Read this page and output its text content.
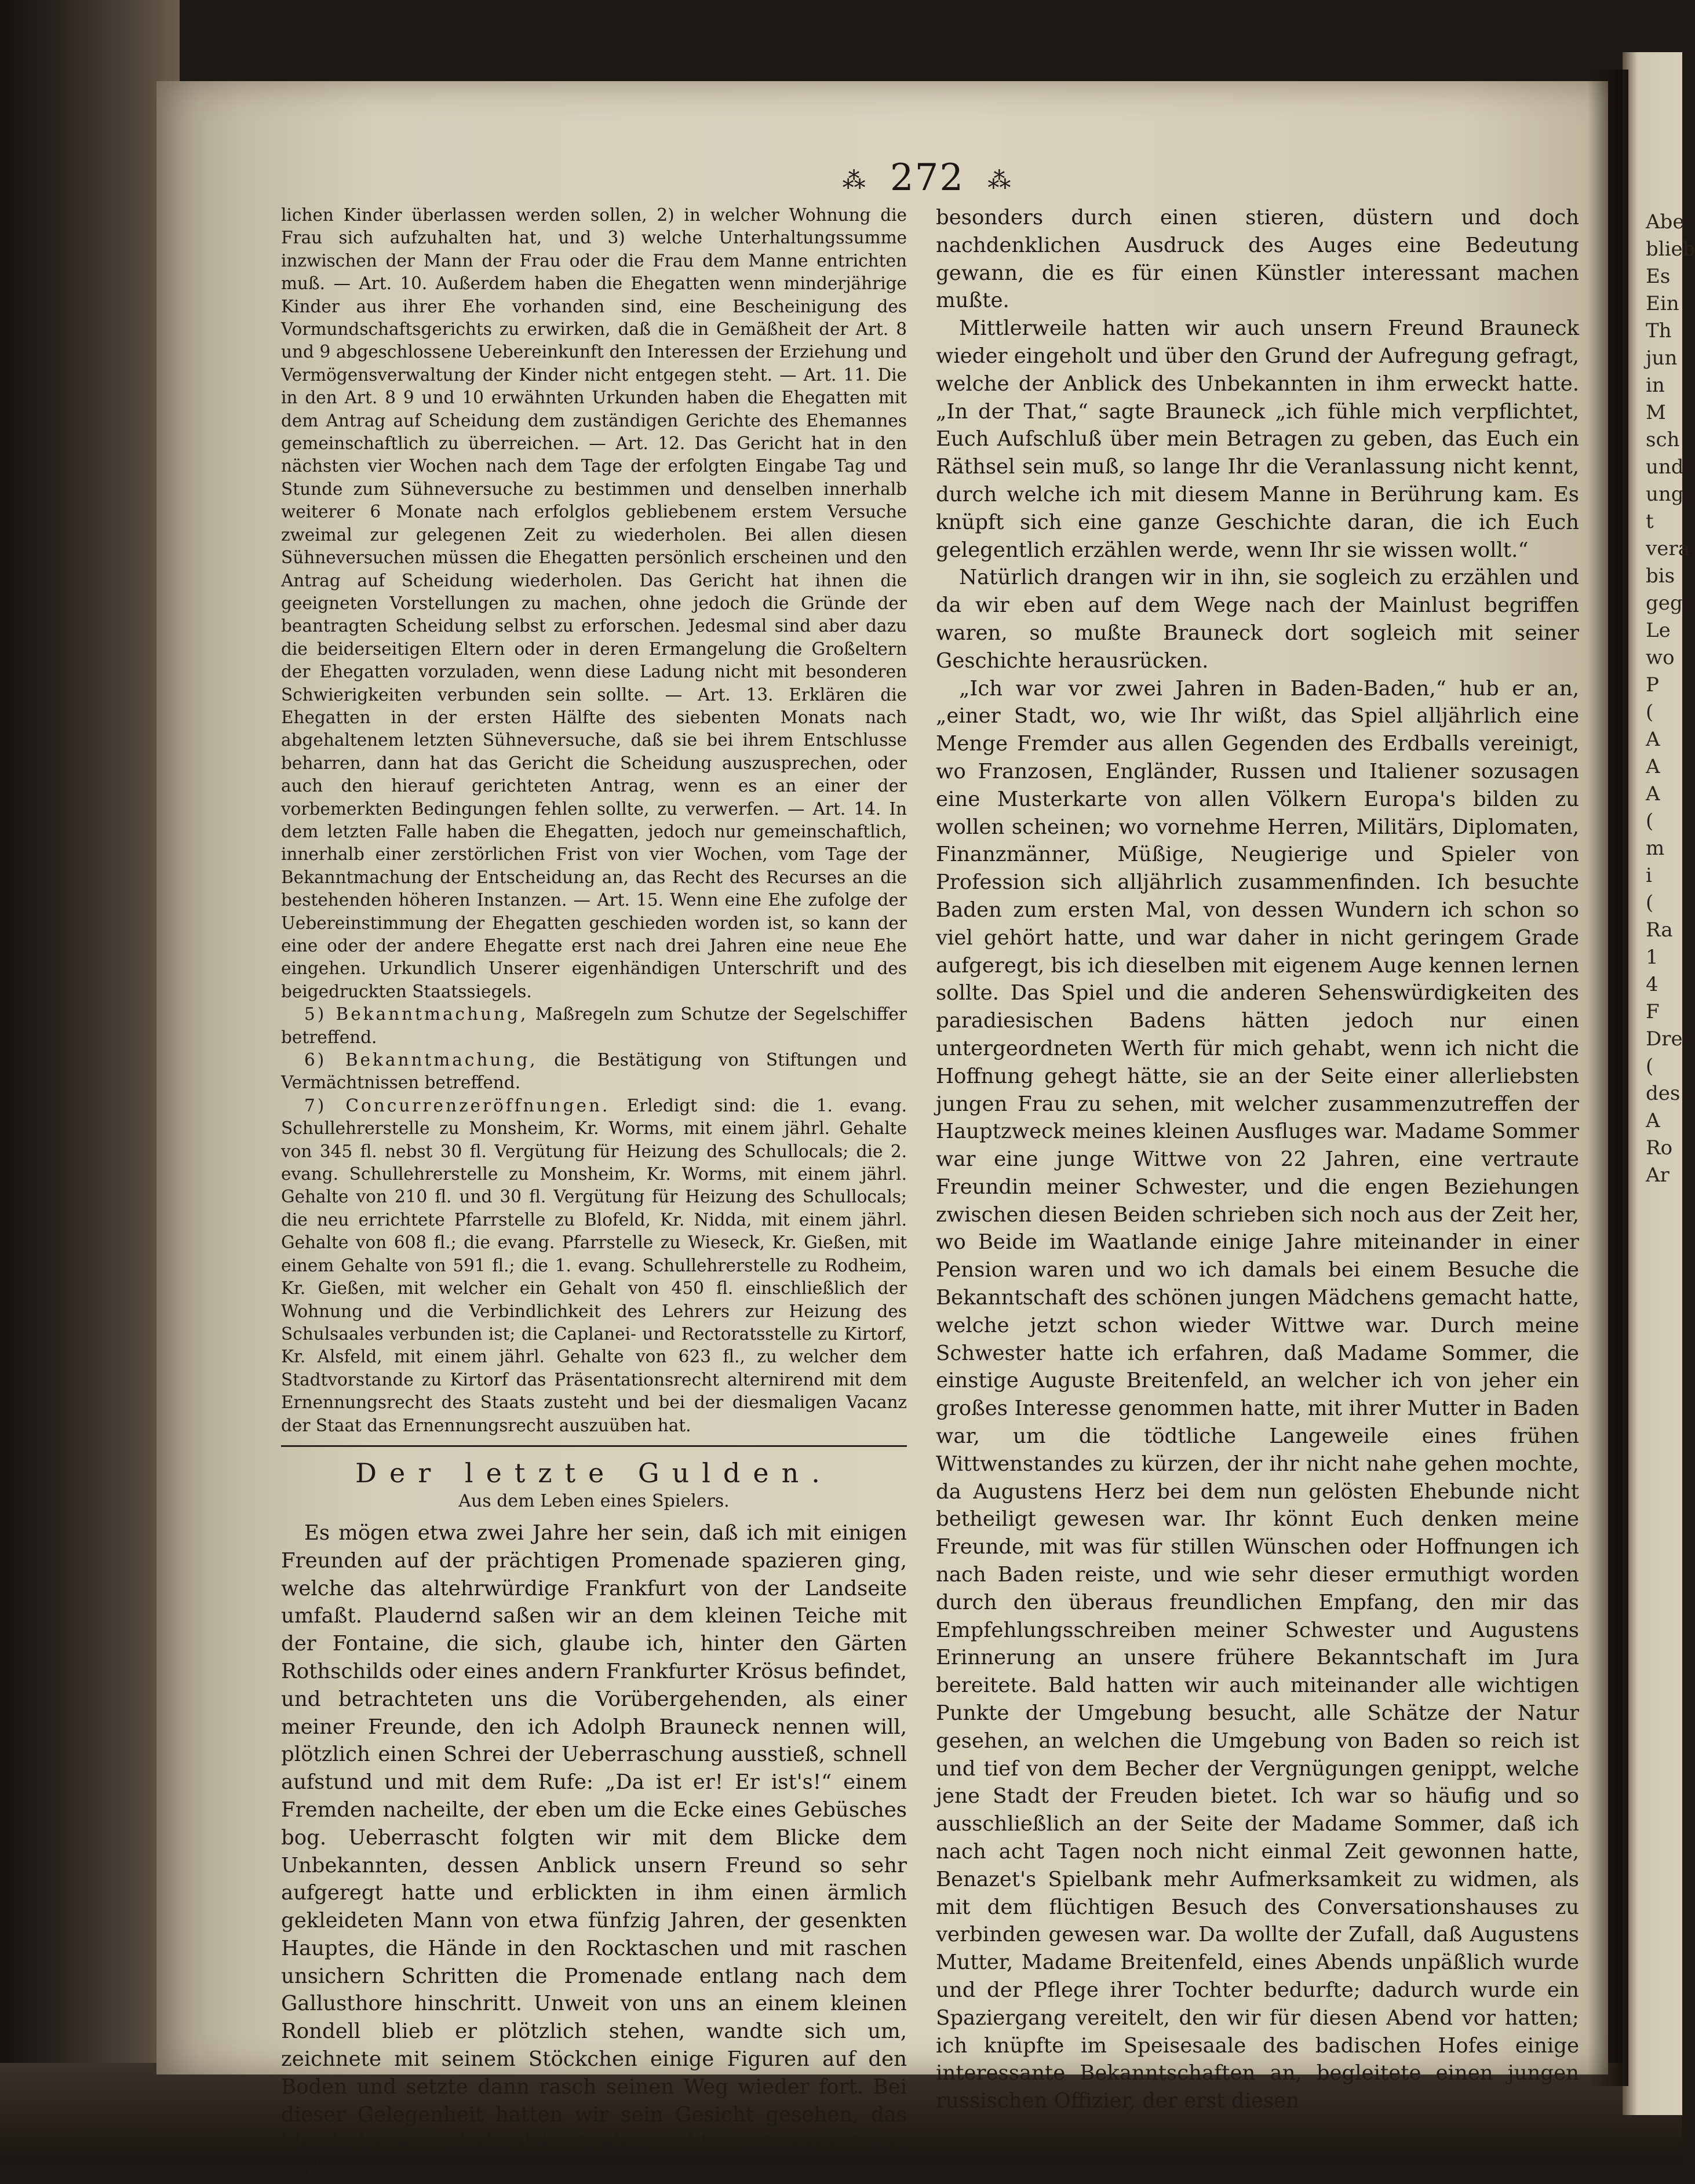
Abe
blieb
Es
Ein
Th
jun
in
M
sch
und
ung
t
vera
bis
geg
Le
wo
P
(
A
A
A
(
m
i
(
Ra
1
4
F
Dre
(
des
A
Ro
Ar
⁂ 272 ⁂

lichen Kinder überlassen werden sollen, 2) in welcher Wohnung die Frau sich aufzuhalten hat, und 3) welche Unterhaltungssumme inzwischen der Mann der Frau oder die Frau dem Manne entrichten muß. — Art. 10. Außerdem haben die Ehegatten wenn minderjährige Kinder aus ihrer Ehe vorhanden sind, eine Bescheinigung des Vormundschaftsgerichts zu erwirken, daß die in Gemäßheit der Art. 8 und 9 abgeschlossene Uebereinkunft den Interessen der Erziehung und Vermögensverwaltung der Kinder nicht entgegen steht. — Art. 11. Die in den Art. 8 9 und 10 erwähnten Urkunden haben die Ehegatten mit dem Antrag auf Scheidung dem zuständigen Gerichte des Ehemannes gemeinschaftlich zu überreichen. — Art. 12. Das Gericht hat in den nächsten vier Wochen nach dem Tage der erfolgten Eingabe Tag und Stunde zum Sühneversuche zu bestimmen und denselben innerhalb weiterer 6 Monate nach erfolglos gebliebenem erstem Versuche zweimal zur gelegenen Zeit zu wiederholen. Bei allen diesen Sühneversuchen müssen die Ehegatten persönlich erscheinen und den Antrag auf Scheidung wiederholen. Das Gericht hat ihnen die geeigneten Vorstellungen zu machen, ohne jedoch die Gründe der beantragten Scheidung selbst zu erforschen. Jedesmal sind aber dazu die beiderseitigen Eltern oder in deren Ermangelung die Großeltern der Ehegatten vorzuladen, wenn diese Ladung nicht mit besonderen Schwierigkeiten verbunden sein sollte. — Art. 13. Erklären die Ehegatten in der ersten Hälfte des siebenten Monats nach abgehaltenem letzten Sühneversuche, daß sie bei ihrem Entschlusse beharren, dann hat das Gericht die Scheidung auszusprechen, oder auch den hierauf gerichteten Antrag, wenn es an einer der vorbemerkten Bedingungen fehlen sollte, zu verwerfen. — Art. 14. In dem letzten Falle haben die Ehegatten, jedoch nur gemeinschaftlich, innerhalb einer zerstörlichen Frist von vier Wochen, vom Tage der Bekanntmachung der Entscheidung an, das Recht des Recurses an die bestehenden höheren Instanzen. — Art. 15. Wenn eine Ehe zufolge der Uebereinstimmung der Ehegatten geschieden worden ist, so kann der eine oder der andere Ehegatte erst nach drei Jahren eine neue Ehe eingehen. Urkundlich Unserer eigenhändigen Unterschrift und des beigedruckten Staatssiegels.

5) Bekanntmachung, Maßregeln zum Schutze der Segelschiffer betreffend.

6) Bekanntmachung, die Bestätigung von Stiftungen und Vermächtnissen betreffend.

7) Concurrenzeröffnungen. Erledigt sind: die 1. evang. Schullehrerstelle zu Monsheim, Kr. Worms, mit einem jährl. Gehalte von 345 fl. nebst 30 fl. Vergütung für Heizung des Schullocals; die 2. evang. Schullehrerstelle zu Monsheim, Kr. Worms, mit einem jährl. Gehalte von 210 fl. und 30 fl. Vergütung für Heizung des Schullocals; die neu errichtete Pfarrstelle zu Blofeld, Kr. Nidda, mit einem jährl. Gehalte von 608 fl.; die evang. Pfarrstelle zu Wieseck, Kr. Gießen, mit einem Gehalte von 591 fl.; die 1. evang. Schullehrerstelle zu Rodheim, Kr. Gießen, mit welcher ein Gehalt von 450 fl. einschließlich der Wohnung und die Verbindlichkeit des Lehrers zur Heizung des Schulsaales verbunden ist; die Caplanei- und Rectoratsstelle zu Kirtorf, Kr. Alsfeld, mit einem jährl. Gehalte von 623 fl., zu welcher dem Stadtvorstande zu Kirtorf das Präsentationsrecht alternirend mit dem Ernennungsrecht des Staats zusteht und bei der diesmaligen Vacanz der Staat das Ernennungsrecht auszuüben hat.

Der letzte Gulden.
Aus dem Leben eines Spielers.

Es mögen etwa zwei Jahre her sein, daß ich mit einigen Freunden auf der prächtigen Promenade spazieren ging, welche das altehrwürdige Frankfurt von der Landseite umfaßt. Plaudernd saßen wir an dem kleinen Teiche mit der Fontaine, die sich, glaube ich, hinter den Gärten Rothschilds oder eines andern Frankfurter Krösus befindet, und betrachteten uns die Vorübergehenden, als einer meiner Freunde, den ich Adolph Brauneck nennen will, plötzlich einen Schrei der Ueberraschung ausstieß, schnell aufstund und mit dem Rufe: „Da ist er! Er ist's!“ einem Fremden nacheilte, der eben um die Ecke eines Gebüsches bog. Ueberrascht folgten wir mit dem Blicke dem Unbekannten, dessen Anblick unsern Freund so sehr aufgeregt hatte und erblickten in ihm einen ärmlich gekleideten Mann von etwa fünfzig Jahren, der gesenkten Hauptes, die Hände in den Rocktaschen und mit raschen unsichern Schritten die Promenade entlang nach dem Gallusthore hinschritt. Unweit von uns an einem kleinen Rondell blieb er plötzlich stehen, wandte sich um, zeichnete mit seinem Stöckchen einige Figuren auf den Boden und setzte dann rasch seinen Weg wieder fort. Bei dieser Gelegenheit hatten wir sein Gesicht gesehen, das bleich, hager und abgehärmt, aber nicht uninteressant war und

besonders durch einen stieren, düstern und doch nachdenklichen Ausdruck des Auges eine Bedeutung gewann, die es für einen Künstler interessant machen mußte.

Mittlerweile hatten wir auch unsern Freund Brauneck wieder eingeholt und über den Grund der Aufregung gefragt, welche der Anblick des Unbekannten in ihm erweckt hatte. „In der That,“ sagte Brauneck „ich fühle mich verpflichtet, Euch Aufschluß über mein Betragen zu geben, das Euch ein Räthsel sein muß, so lange Ihr die Veranlassung nicht kennt, durch welche ich mit diesem Manne in Berührung kam. Es knüpft sich eine ganze Geschichte daran, die ich Euch gelegentlich erzählen werde, wenn Ihr sie wissen wollt.“

Natürlich drangen wir in ihn, sie sogleich zu erzählen und da wir eben auf dem Wege nach der Mainlust begriffen waren, so mußte Brauneck dort sogleich mit seiner Geschichte herausrücken.

„Ich war vor zwei Jahren in Baden-Baden,“ hub er an, „einer Stadt, wo, wie Ihr wißt, das Spiel alljährlich eine Menge Fremder aus allen Gegenden des Erdballs vereinigt, wo Franzosen, Engländer, Russen und Italiener sozusagen eine Musterkarte von allen Völkern Europa's bilden zu wollen scheinen; wo vornehme Herren, Militärs, Diplomaten, Finanzmänner, Müßige, Neugierige und Spieler von Profession sich alljährlich zusammenfinden. Ich besuchte Baden zum ersten Mal, von dessen Wundern ich schon so viel gehört hatte, und war daher in nicht geringem Grade aufgeregt, bis ich dieselben mit eigenem Auge kennen lernen sollte. Das Spiel und die anderen Sehenswürdigkeiten des paradiesischen Badens hätten jedoch nur einen untergeordneten Werth für mich gehabt, wenn ich nicht die Hoffnung gehegt hätte, sie an der Seite einer allerliebsten jungen Frau zu sehen, mit welcher zusammenzutreffen der Hauptzweck meines kleinen Ausfluges war. Madame Sommer war eine junge Wittwe von 22 Jahren, eine vertraute Freundin meiner Schwester, und die engen Beziehungen zwischen diesen Beiden schrieben sich noch aus der Zeit her, wo Beide im Waatlande einige Jahre miteinander in einer Pension waren und wo ich damals bei einem Besuche die Bekanntschaft des schönen jungen Mädchens gemacht hatte, welche jetzt schon wieder Wittwe war. Durch meine Schwester hatte ich erfahren, daß Madame Sommer, die einstige Auguste Breitenfeld, an welcher ich von jeher ein großes Interesse genommen hatte, mit ihrer Mutter in Baden war, um die tödtliche Langeweile eines frühen Wittwenstandes zu kürzen, der ihr nicht nahe gehen mochte, da Augustens Herz bei dem nun gelösten Ehebunde nicht betheiligt gewesen war. Ihr könnt Euch denken meine Freunde, mit was für stillen Wünschen oder Hoffnungen ich nach Baden reiste, und wie sehr dieser ermuthigt worden durch den überaus freundlichen Empfang, den mir das Empfehlungsschreiben meiner Schwester und Augustens Erinnerung an unsere frühere Bekanntschaft im Jura bereitete. Bald hatten wir auch miteinander alle wichtigen Punkte der Umgebung besucht, alle Schätze der Natur gesehen, an welchen die Umgebung von Baden so reich ist und tief von dem Becher der Vergnügungen genippt, welche jene Stadt der Freuden bietet. Ich war so häufig und so ausschließlich an der Seite der Madame Sommer, daß ich nach acht Tagen noch nicht einmal Zeit gewonnen hatte, Benazet's Spielbank mehr Aufmerksamkeit zu widmen, als mit dem flüchtigen Besuch des Conversationshauses zu verbinden gewesen war. Da wollte der Zufall, daß Augustens Mutter, Madame Breitenfeld, eines Abends unpäßlich wurde und der Pflege ihrer Tochter bedurfte; dadurch wurde ein Spaziergang vereitelt, den wir für diesen Abend vor hatten; ich knüpfte im Speisesaale des badischen Hofes einige interessante Bekanntschaften an, begleitete einen jungen russischen Offizier, der erst diesen
